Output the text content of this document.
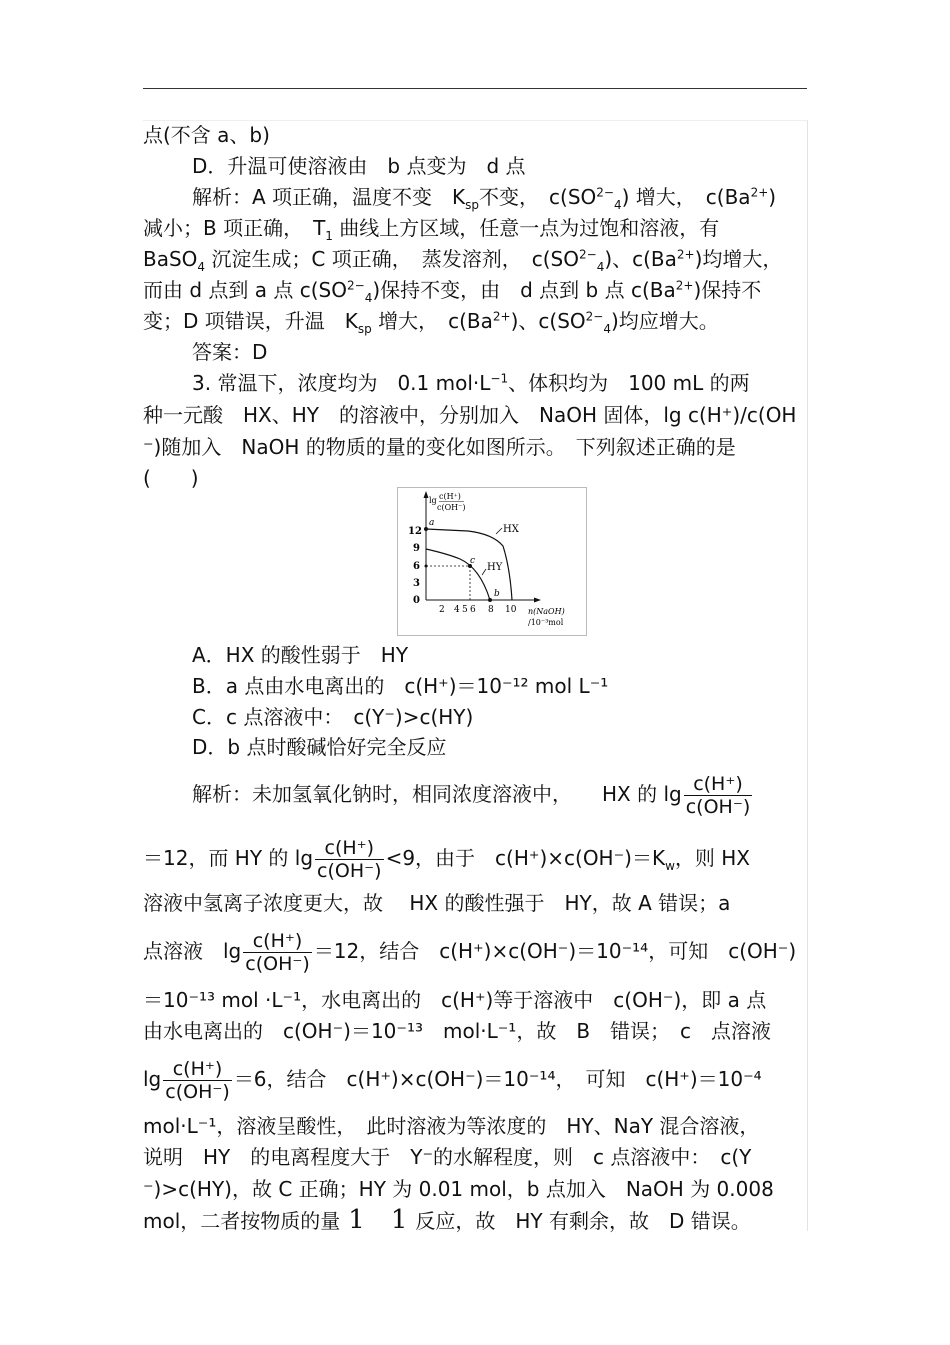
点(不含 a、b)
D．升温可使溶液由　b 点变为　d 点
解析：A 项正确，温度不变　$K_{sp}$不变，　$c(SO^{2-}_4)$ 增大，　$c(Ba^{2+})$
减小；B 项正确，　$T_1$ 曲线上方区域，任意一点为过饱和溶液，有
BaSO$_4$ 沉淀生成；C 项正确，　蒸发溶剂，　$c(SO^{2-}_4)$、$c(Ba^{2+})$均增大，
而由 d 点到 a 点 $c(SO^{2-}_4)$保持不变，由　d 点到 b 点 $c(Ba^{2+})$保持不
变；D 项错误，升温　$K_{sp}$ 增大，　$c(Ba^{2+})$、$c(SO^{2-}_4)$均应增大。
答案：D
3. 常温下，浓度均为　0.1 $mol\cdot L^{-1}$、体积均为　100 mL 的两
种一元酸　HX、HY　的溶液中，分别加入　NaOH 固体，lg c(H⁺)/c(OH
⁻)随加入　NaOH 的物质的量的变化如图所示。　下列叙述正确的是
(　　)
lg c(H⁺)
c(OH⁻)
12
9
6
3
0
2 4 5 6 8 10 n(NaOH)
/10⁻³mol
a
c
b
HX
HY
A．HX 的酸性弱于　HY
B．a 点由水电离出的　c(H⁺)＝10⁻¹² mol L⁻¹
C．c 点溶液中：　c(Y⁻)>c(HY)
D．b 点时酸碱恰好完全反应
解析：未加氢氧化钠时，相同浓度溶液中，　　HX 的 $\lg \frac{c(H^+)}{c(OH^-)}$
＝12，而 HY 的 $\lg \frac{c(H^+)}{c(OH^-)} <9$，由于　$c(H^+)\times c(OH^-)=K_w$，则 HX
溶液中氢离子浓度更大，故　 HX 的酸性强于　HY，故 A 错误；a
点溶液　$\lg \frac{c(H^+)}{c(OH^-)} =12$，结合　c(H⁺)×c(OH⁻)＝10⁻¹⁴，可知　c(OH⁻)
＝10⁻¹³ mol ·L⁻¹，水电离出的　c(H⁺)等于溶液中　c(OH⁻)，即 a 点
由水电离出的　c(OH⁻)＝10⁻¹³　mol·L⁻¹，故　B　错误；　c　点溶液
$\lg \frac{c(H^+)}{c(OH^-)} =6$，结合　c(H⁺)×c(OH⁻)＝10⁻¹⁴，　可知　c(H⁺)＝10⁻⁴
mol·L⁻¹，溶液呈酸性，　此时溶液为等浓度的　HY、NaY 混合溶液，
说明　HY　的电离程度大于　Y⁻的水解程度，则　c 点溶液中：　c(Y
⁻)>c(HY)，故 C 正确；HY 为 0.01 mol，b 点加入　NaOH 为 0.008
mol，二者按物质的量 1　1 反应，故　HY 有剩余，故　D 错误。
